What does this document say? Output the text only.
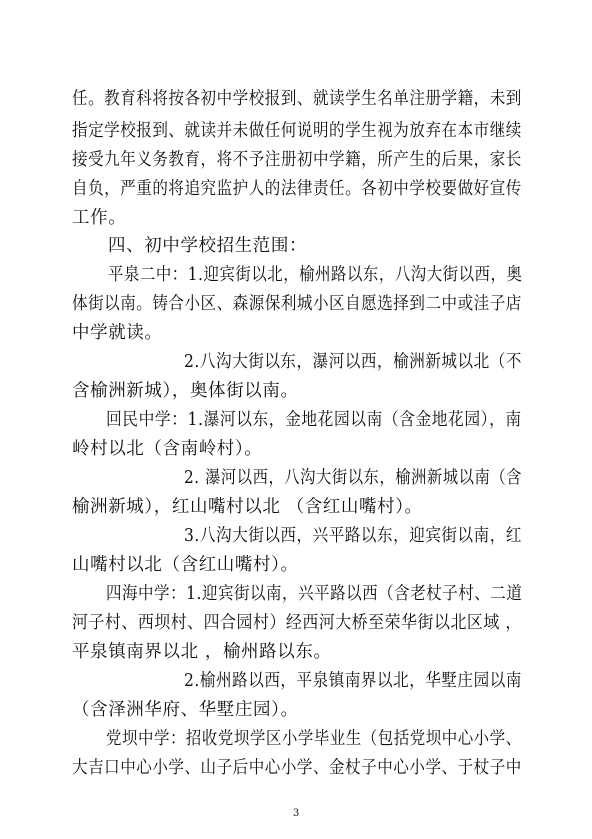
任。教育科将按各初中学校报到、就读学生名单注册学籍，未到
指定学校报到、就读并未做任何说明的学生视为放弃在本市继续
接受九年义务教育，将不予注册初中学籍，所产生的后果，家长
自负，严重的将追究监护人的法律责任。各初中学校要做好宣传
工作。
四、初中学校招生范围：
平泉二中：1.迎宾街以北，榆州路以东，八沟大街以西，奥
体街以南。铸合小区、森源保利城小区自愿选择到二中或洼子店
中学就读。
2.八沟大街以东，瀑河以西，榆洲新城以北（不
含榆洲新城），奥体街以南。
回民中学：1.瀑河以东，金地花园以南（含金地花园），南
岭村以北（含南岭村）。
2. 瀑河以西，八沟大街以东，榆洲新城以南（含
榆洲新城），红山嘴村以北 （含红山嘴村）。
3.八沟大街以西，兴平路以东，迎宾街以南，红
山嘴村以北（含红山嘴村）。
四海中学：1.迎宾街以南，兴平路以西（含老杖子村、二道
河子村、西坝村、四合园村）经西河大桥至荣华街以北区域 ，
平泉镇南界以北 ，榆州路以东。
2.榆州路以西，平泉镇南界以北，华墅庄园以南
（含泽洲华府、华墅庄园）。
党坝中学：招收党坝学区小学毕业生（包括党坝中心小学、
大吉口中心小学、山子后中心小学、金杖子中心小学、于杖子中
3
